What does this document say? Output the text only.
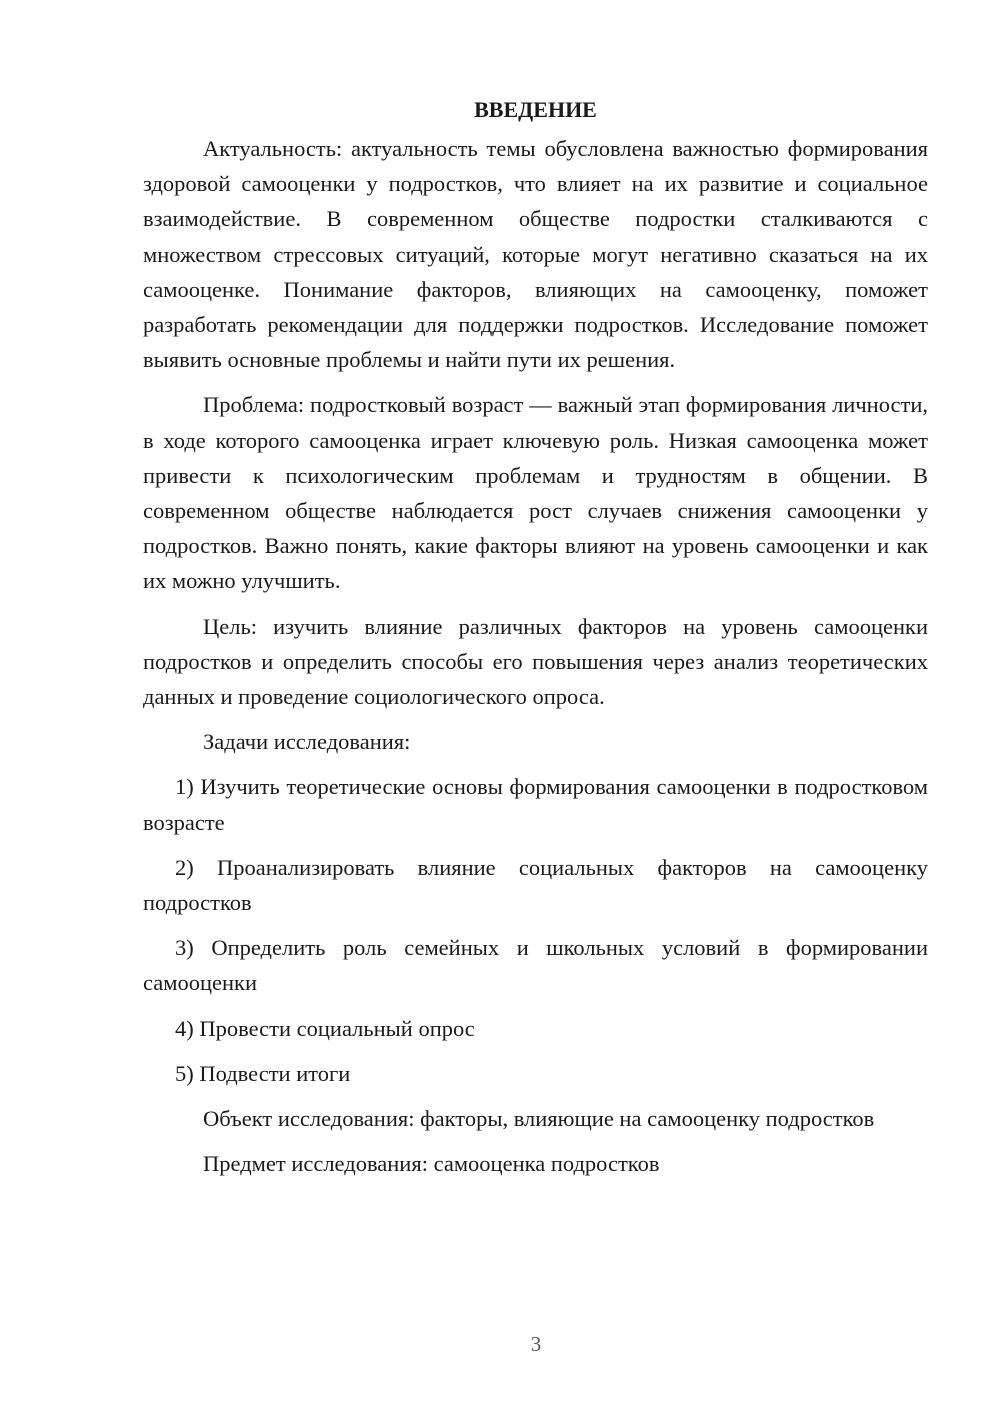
ВВЕДЕНИЕ

Актуальность: актуальность темы обусловлена важностью формирования здоровой самооценки у подростков, что влияет на их развитие и социальное взаимодействие. В современном обществе подростки сталкиваются с множеством стрессовых ситуаций, которые могут негативно сказаться на их самооценке. Понимание факторов, влияющих на самооценку, поможет разработать рекомендации для поддержки подростков. Исследование поможет выявить основные проблемы и найти пути их решения.

Проблема: подростковый возраст — важный этап формирования личности, в ходе которого самооценка играет ключевую роль. Низкая самооценка может привести к психологическим проблемам и трудностям в общении. В современном обществе наблюдается рост случаев снижения самооценки у подростков. Важно понять, какие факторы влияют на уровень самооценки и как их можно улучшить.

Цель: изучить влияние различных факторов на уровень самооценки подростков и определить способы его повышения через анализ теоретических данных и проведение социологического опроса.

Задачи исследования:

1) Изучить теоретические основы формирования самооценки в подростковом возрасте

2) Проанализировать влияние социальных факторов на самооценку подростков

3) Определить роль семейных и школьных условий в формировании самооценки

4) Провести социальный опрос

5) Подвести итоги

Объект исследования: факторы, влияющие на самооценку подростков

Предмет исследования: самооценка подростков

3
